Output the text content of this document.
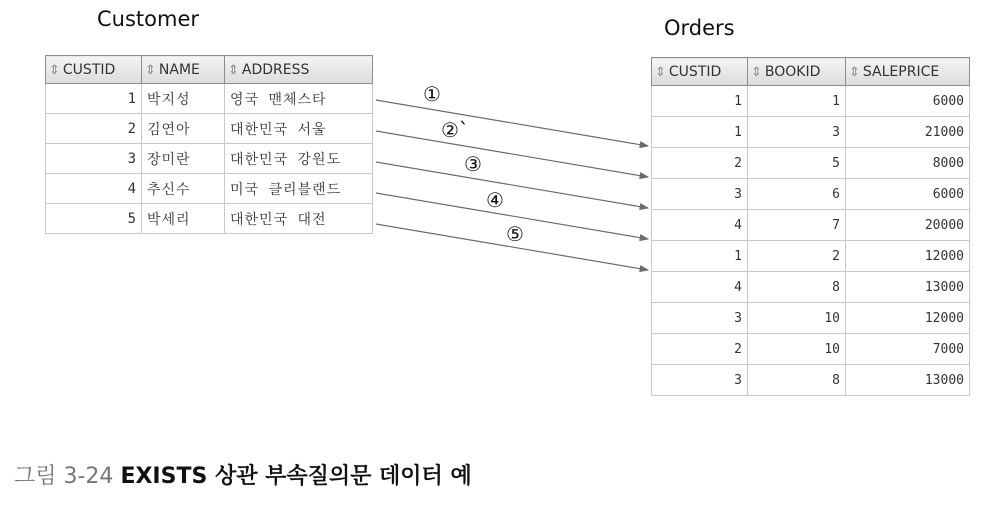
Customer
⇕ CUSTID	⇕ NAME	⇕ ADDRESS
1	박지성	영국 맨체스타
2	김연아	대한민국 서울
3	장미란	대한민국 강원도
4	추신수	미국 클리블랜드
5	박세리	대한민국 대전
Orders
⇕ CUSTID	⇕ BOOKID	⇕ SALEPRICE
1	1	6000
1	3	21000
2	5	8000
3	6	6000
4	7	20000
1	2	12000
4	8	13000
3	10	12000
2	10	7000
3	8	13000
①
②`
③
④
⑤
그림 3-24 EXISTS 상관 부속질의문 데이터 예
